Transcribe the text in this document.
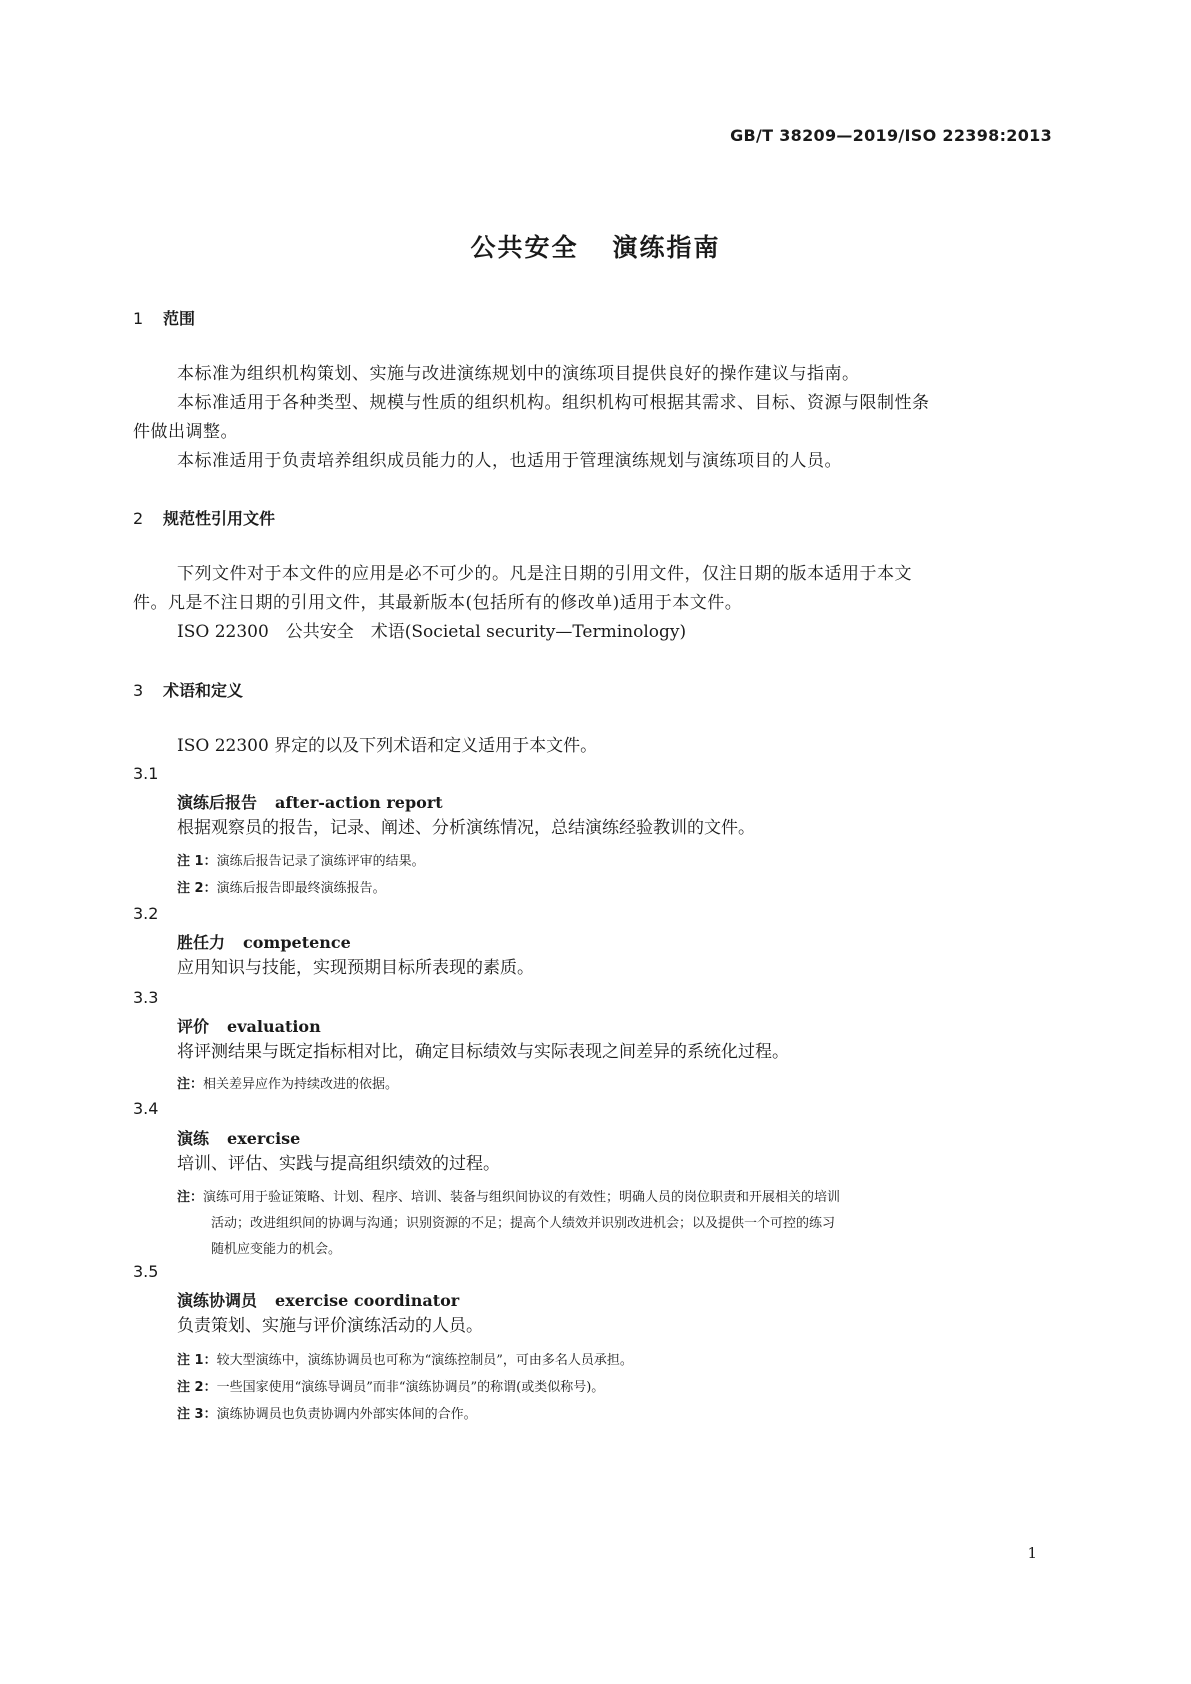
GB/T 38209—2019/ISO 22398:2013
公共安全 演练指南
1 范围
本标准为组织机构策划、实施与改进演练规划中的演练项目提供良好的操作建议与指南。
本标准适用于各种类型、规模与性质的组织机构。组织机构可根据其需求、目标、资源与限制性条
件做出调整。
本标准适用于负责培养组织成员能力的人，也适用于管理演练规划与演练项目的人员。
2 规范性引用文件
下列文件对于本文件的应用是必不可少的。凡是注日期的引用文件，仅注日期的版本适用于本文
件。凡是不注日期的引用文件，其最新版本(包括所有的修改单)适用于本文件。
ISO 22300　公共安全　术语(Societal security—Terminology)
3 术语和定义
ISO 22300 界定的以及下列术语和定义适用于本文件。
3.1
演练后报告 after-action report
根据观察员的报告，记录、阐述、分析演练情况，总结演练经验教训的文件。
注 1：演练后报告记录了演练评审的结果。
注 2：演练后报告即最终演练报告。
3.2
胜任力 competence
应用知识与技能，实现预期目标所表现的素质。
3.3
评价 evaluation
将评测结果与既定指标相对比，确定目标绩效与实际表现之间差异的系统化过程。
注：相关差异应作为持续改进的依据。
3.4
演练 exercise
培训、评估、实践与提高组织绩效的过程。
注：演练可用于验证策略、计划、程序、培训、装备与组织间协议的有效性；明确人员的岗位职责和开展相关的培训
活动；改进组织间的协调与沟通；识别资源的不足；提高个人绩效并识别改进机会；以及提供一个可控的练习
随机应变能力的机会。
3.5
演练协调员 exercise coordinator
负责策划、实施与评价演练活动的人员。
注 1：较大型演练中，演练协调员也可称为“演练控制员”，可由多名人员承担。
注 2：一些国家使用“演练导调员”而非“演练协调员”的称谓(或类似称号)。
注 3：演练协调员也负责协调内外部实体间的合作。
1
